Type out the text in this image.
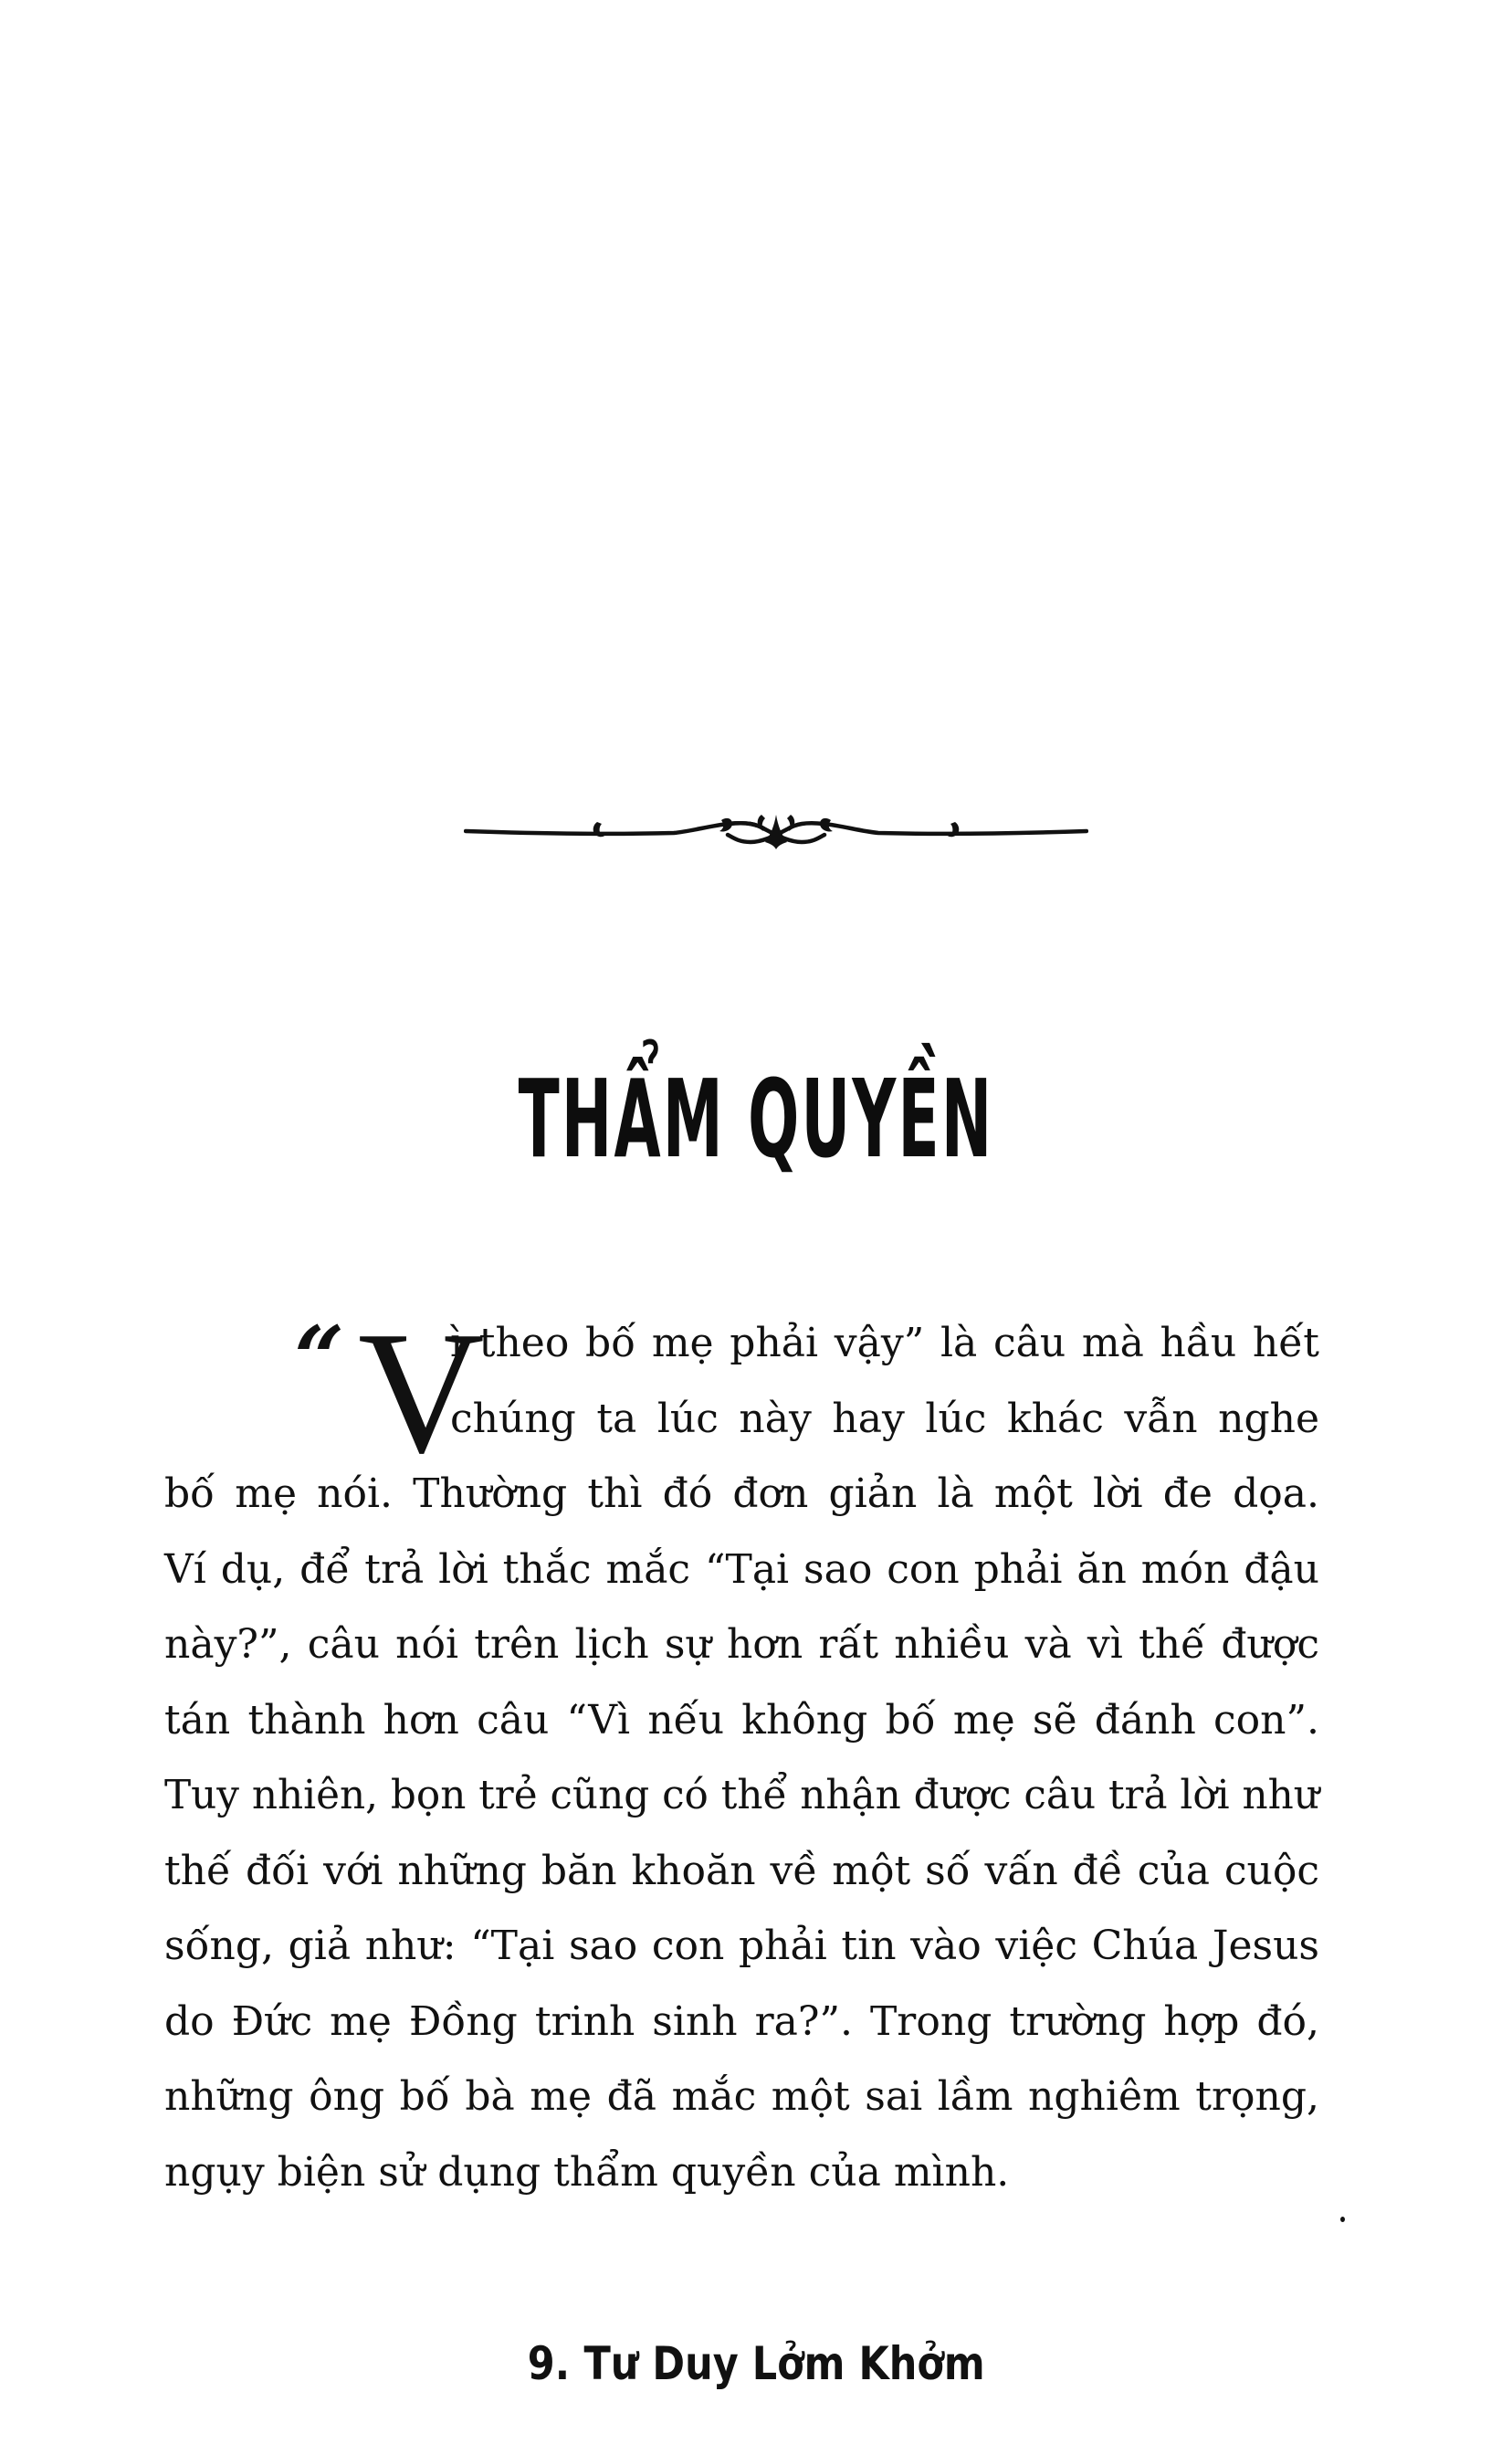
THẨM QUYỀN
“ V
ì theo bố mẹ phải vậy” là câu mà hầu hết
chúng ta lúc này hay lúc khác vẫn nghe
bố mẹ nói. Thường thì đó đơn giản là một lời đe dọa.
Ví dụ, để trả lời thắc mắc “Tại sao con phải ăn món đậu
này?”, câu nói trên lịch sự hơn rất nhiều và vì thế được
tán thành hơn câu “Vì nếu không bố mẹ sẽ đánh con”.
Tuy nhiên, bọn trẻ cũng có thể nhận được câu trả lời như
thế đối với những băn khoăn về một số vấn đề của cuộc
sống, giả như: “Tại sao con phải tin vào việc Chúa Jesus
do Đức mẹ Đồng trinh sinh ra?”. Trong trường hợp đó,
những ông bố bà mẹ đã mắc một sai lầm nghiêm trọng,
ngụy biện sử dụng thẩm quyền của mình.
9. Tư Duy Lởm Khởm
